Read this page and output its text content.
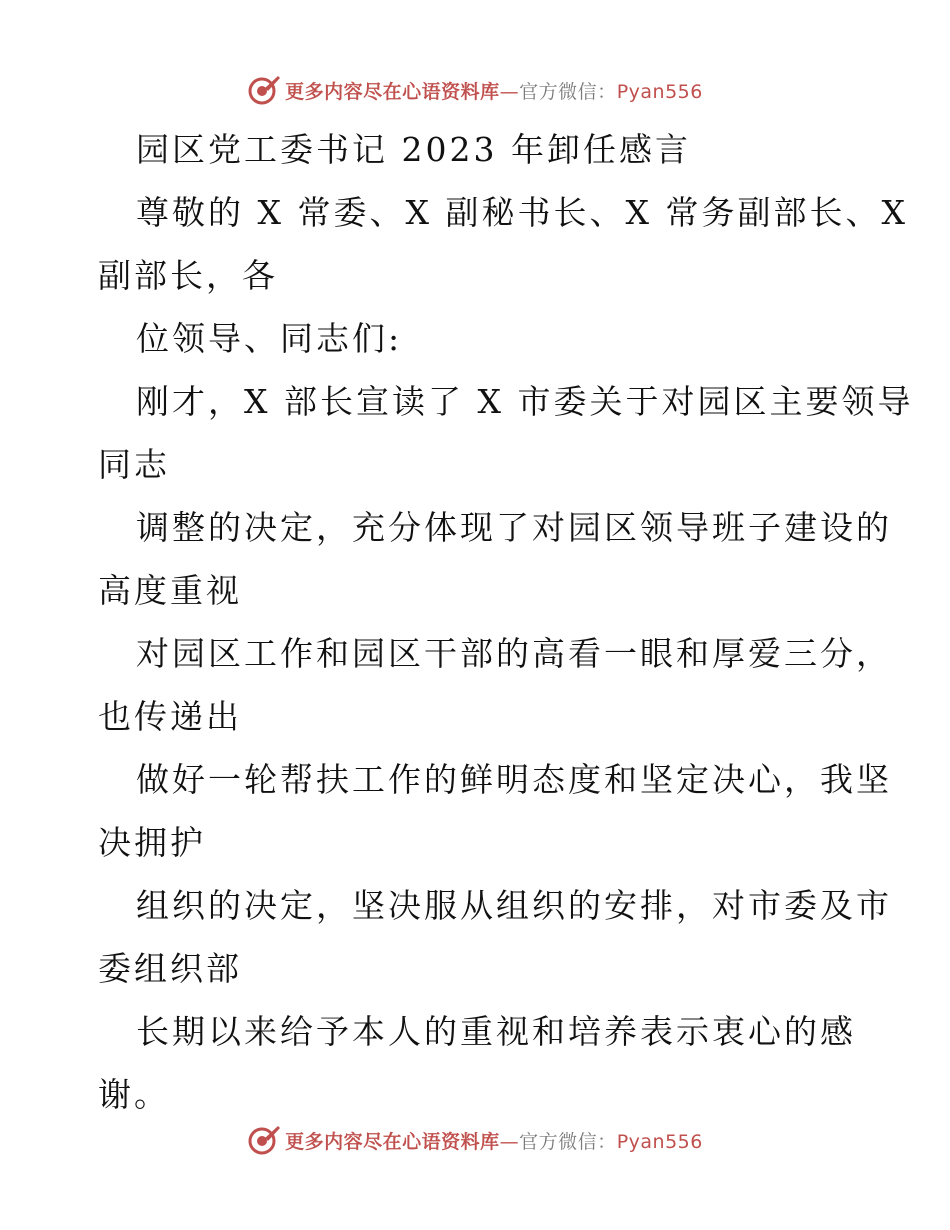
更多内容尽在心语资料库—官方微信：Pyan556
园区党工委书记 2023 年卸任感言
尊敬的 X 常委、X 副秘书长、X 常务副部长、X
副部长，各
位领导、同志们:
刚才，X 部长宣读了 X 市委关于对园区主要领导
同志
调整的决定，充分体现了对园区领导班子建设的
高度重视
对园区工作和园区干部的高看一眼和厚爱三分，
也传递出
做好一轮帮扶工作的鲜明态度和坚定决心，我坚
决拥护
组织的决定，坚决服从组织的安排，对市委及市
委组织部
长期以来给予本人的重视和培养表示衷心的感
谢。
更多内容尽在心语资料库—官方微信：Pyan556
